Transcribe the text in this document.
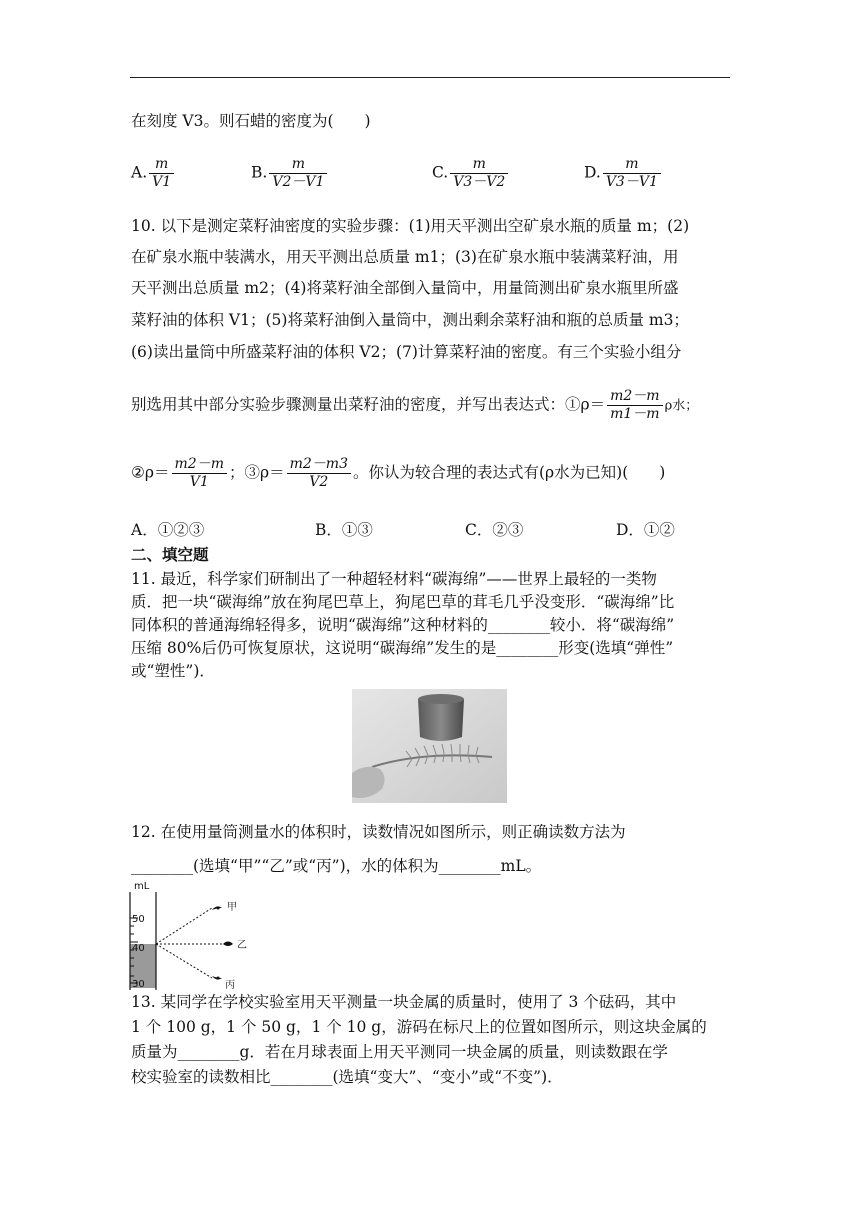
在刻度 V3。则石蜡的密度为(　　)
A. $\frac{m}{V1}$	B. $\frac{m}{V2-V1}$	C. $\frac{m}{V3-V2}$	D. $\frac{m}{V3-V1}$
10. 以下是测定菜籽油密度的实验步骤：(1)用天平测出空矿泉水瓶的质量 m；(2)
在矿泉水瓶中装满水，用天平测出总质量 m1；(3)在矿泉水瓶中装满菜籽油，用
天平测出总质量 m2；(4)将菜籽油全部倒入量筒中，用量筒测出矿泉水瓶里所盛
菜籽油的体积 V1；(5)将菜籽油倒入量筒中，测出剩余菜籽油和瓶的总质量 m3；
(6)读出量筒中所盛菜籽油的体积 V2；(7)计算菜籽油的密度。有三个实验小组分
别选用其中部分实验步骤测量出菜籽油的密度，并写出表达式：①ρ＝ $\frac{m2-m}{m1-m}$ ρ水；
②ρ＝ $\frac{m2-m}{V1}$ ；③ρ＝ $\frac{m2-m3}{V2}$ 。你认为较合理的表达式有(ρ水为已知)(　　)
A．①②③	B．①③	C．②③	D．①②
二、填空题
11. 最近，科学家们研制出了一种超轻材料“碳海绵”——世界上最轻的一类物
质．把一块“碳海绵”放在狗尾巴草上，狗尾巴草的茸毛几乎没变形．“碳海绵”比
同体积的普通海绵轻得多，说明“碳海绵”这种材料的________较小．将“碳海绵”
压缩 80%后仍可恢复原状，这说明“碳海绵”发生的是________形变(选填“弹性”
或“塑性”)．
12. 在使用量筒测量水的体积时，读数情况如图所示，则正确读数方法为
________(选填“甲”“乙”或“丙”)，水的体积为________mL。
mL
50
40
30
甲
乙
丙
13. 某同学在学校实验室用天平测量一块金属的质量时，使用了 3 个砝码，其中
1 个 100 g，1 个 50 g，1 个 10 g，游码在标尺上的位置如图所示，则这块金属的
质量为________g．若在月球表面上用天平测同一块金属的质量，则读数跟在学
校实验室的读数相比________(选填“变大”、“变小”或“不变”)．
